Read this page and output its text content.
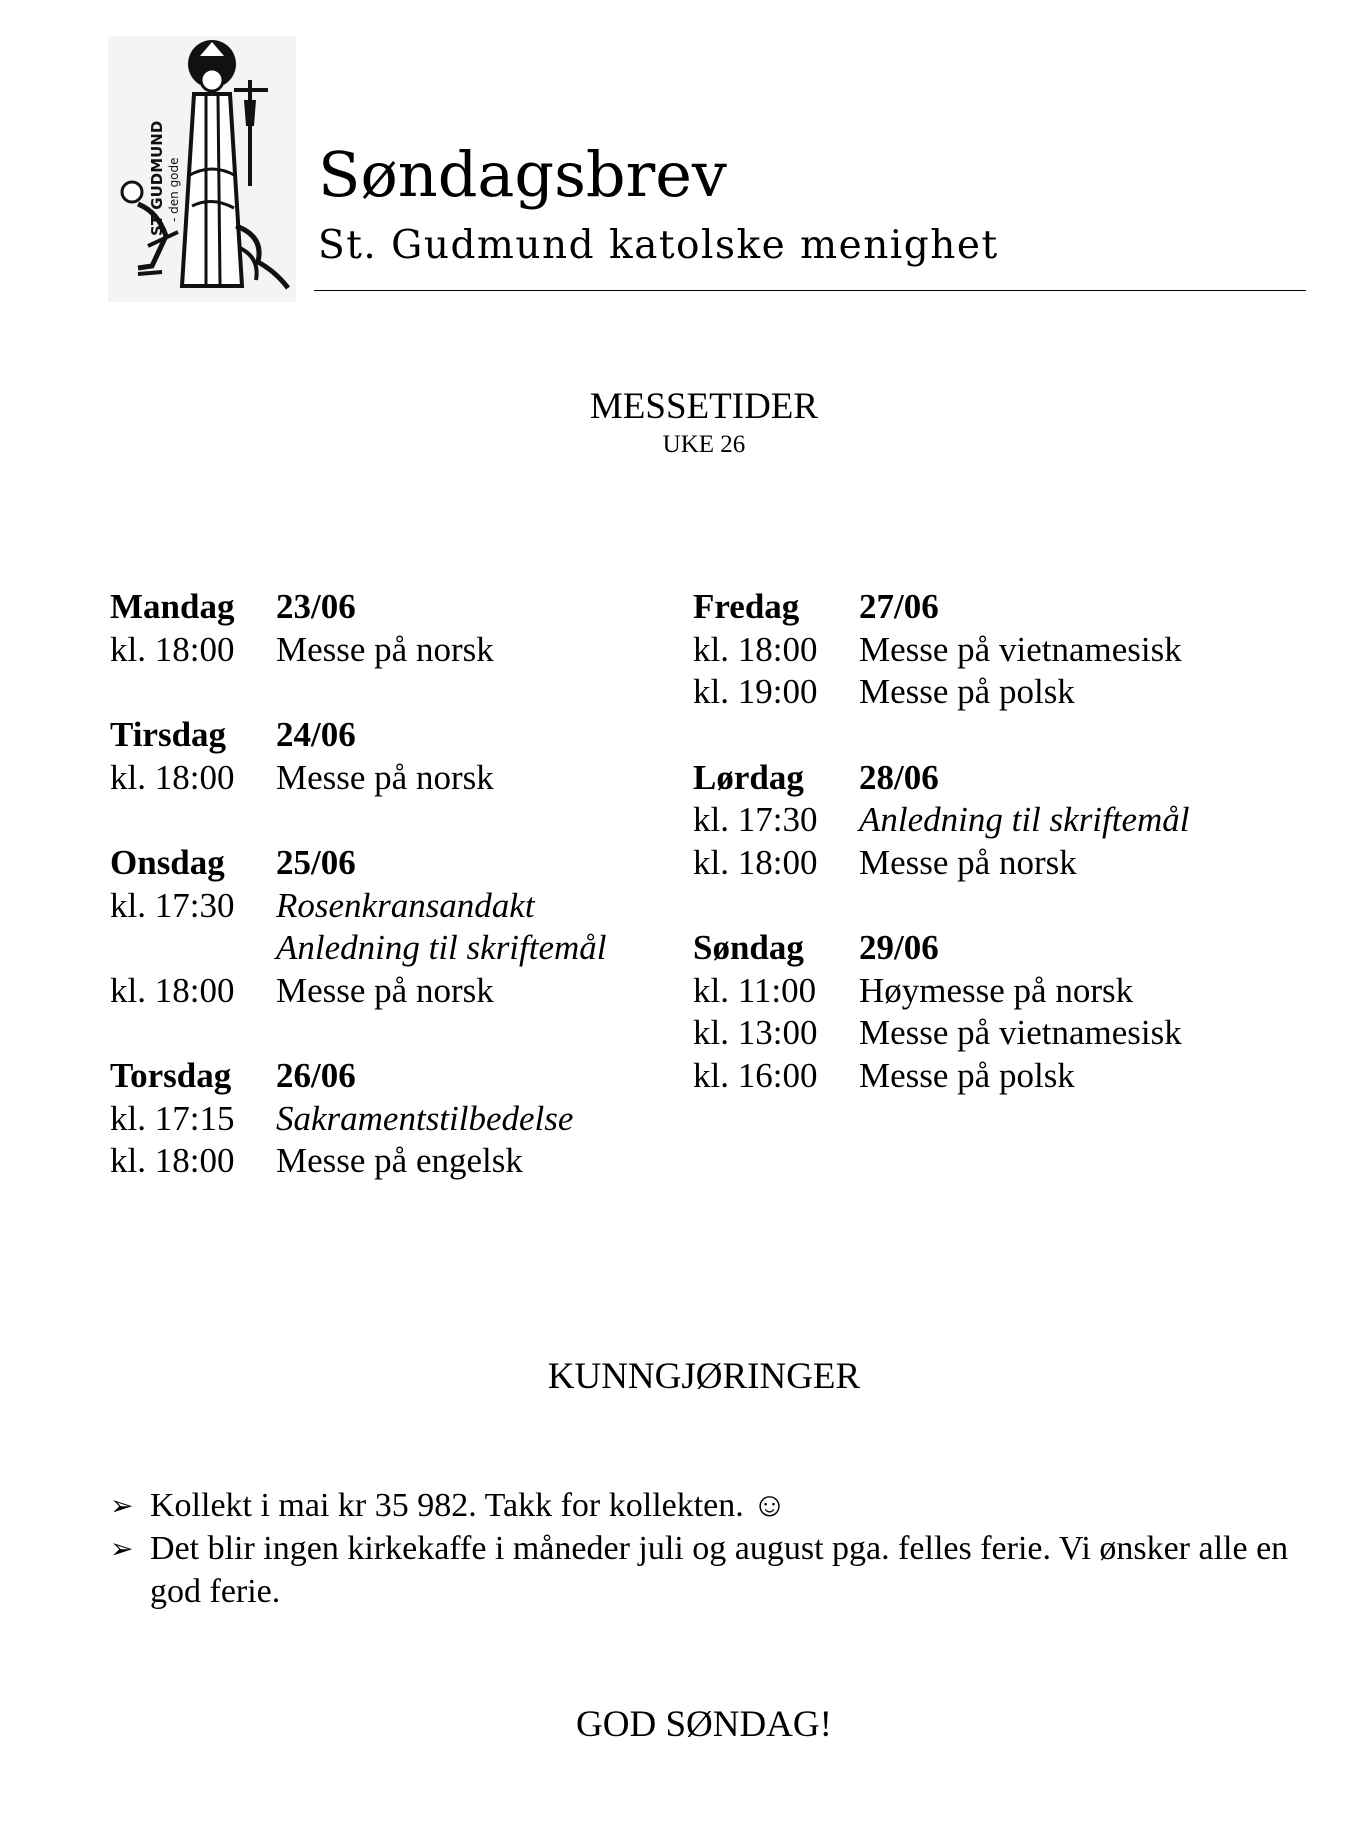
ST GUDMUND - den gode Søndagsbrev
St. Gudmund katolske menighet
MESSETIDER
UKE 26
Mandag	23/06
kl. 18:00	Messe på norsk
Tirsdag	24/06
kl. 18:00	Messe på norsk
Onsdag	25/06
kl. 17:30	Rosenkransandakt
Anledning til skriftemål
kl. 18:00	Messe på norsk
Torsdag	26/06
kl. 17:15	Sakramentstilbedelse
kl. 18:00	Messe på engelsk
Fredag	27/06
kl. 18:00	Messe på vietnamesisk
kl. 19:00	Messe på polsk
Lørdag	28/06
kl. 17:30	Anledning til skriftemål
kl. 18:00	Messe på norsk
Søndag	29/06
kl. 11:00	Høymesse på norsk
kl. 13:00	Messe på vietnamesisk
kl. 16:00	Messe på polsk
KUNNGJØRINGER
➢ Kollekt i mai kr 35 982. Takk for kollekten. ☺
➢ Det blir ingen kirkekaffe i måneder juli og august pga. felles ferie. Vi ønsker alle en god ferie.
GOD SØNDAG!
